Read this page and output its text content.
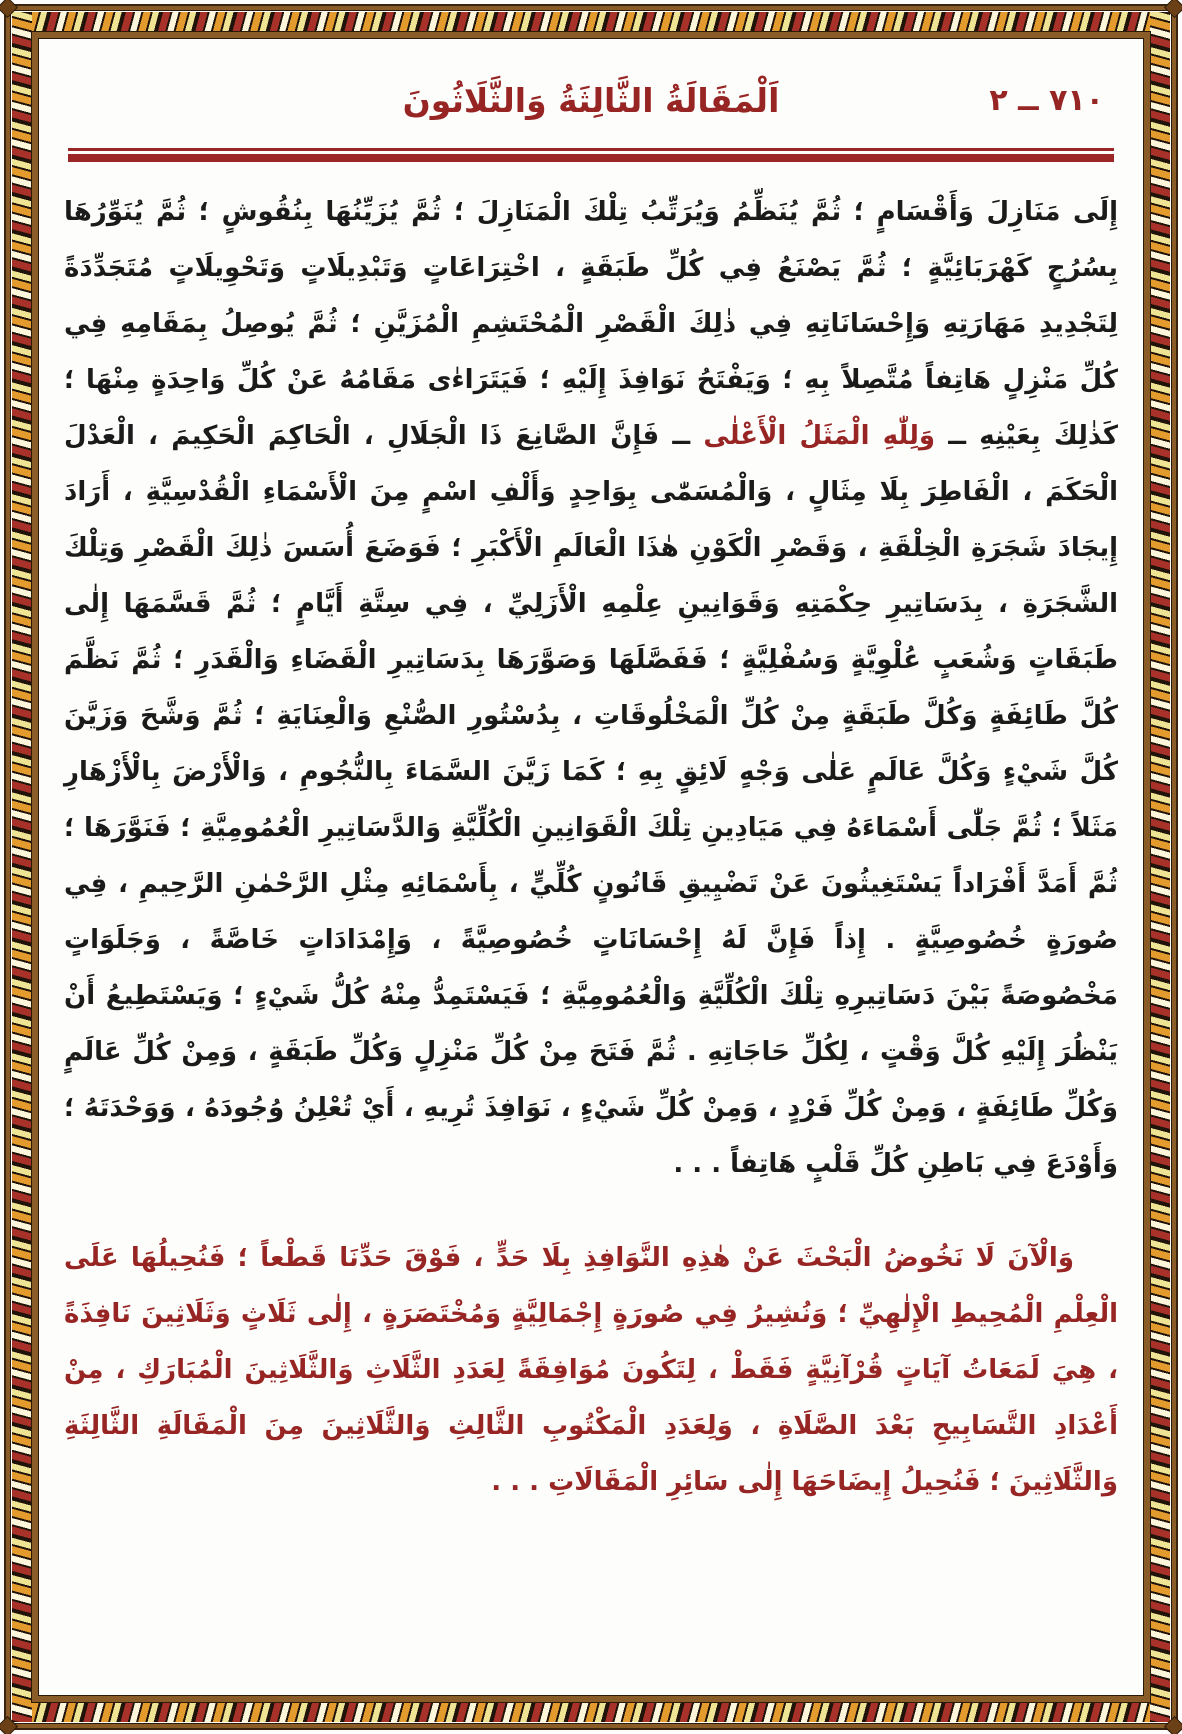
٧١٠ ــ ٢
اَلْمَقَالَةُ الثَّالِثَةُ وَالثَّلَاثُونَ

إِلَى مَنَازِلَ وَأَقْسَامٍ ؛ ثُمَّ يُنَظِّمُ وَيُرَتِّبُ تِلْكَ الْمَنَازِلَ ؛ ثُمَّ يُزَيِّنُهَا بِنُقُوشٍ ؛ ثُمَّ يُنَوِّرُهَا بِسُرُجٍ كَهْرَبَائِيَّةٍ ؛ ثُمَّ يَصْنَعُ فِي كُلِّ طَبَقَةٍ ، اخْتِرَاعَاتٍ وَتَبْدِيلَاتٍ وَتَحْوِيلَاتٍ مُتَجَدِّدَةً لِتَجْدِيدِ مَهَارَتِهِ وَإِحْسَانَاتِهِ فِي ذٰلِكَ الْقَصْرِ الْمُحْتَشِمِ الْمُزَيَّنِ ؛ ثُمَّ يُوصِلُ بِمَقَامِهِ فِي كُلِّ مَنْزِلٍ هَاتِفاً مُتَّصِلاً بِهِ ؛ وَيَفْتَحُ نَوَافِذَ إِلَيْهِ ؛ فَيَتَرَاءٰى مَقَامُهُ عَنْ كُلِّ وَاحِدَةٍ مِنْهَا ؛ كَذٰلِكَ بِعَيْنِهِ ــ وَلِلّٰهِ الْمَثَلُ الْأَعْلٰى ــ فَإِنَّ الصَّانِعَ ذَا الْجَلَالِ ، الْحَاكِمَ الْحَكِيمَ ، الْعَدْلَ الْحَكَمَ ، الْفَاطِرَ بِلَا مِثَالٍ ، وَالْمُسَمّٰى بِوَاحِدٍ وَأَلْفِ اسْمٍ مِنَ الْأَسْمَاءِ الْقُدْسِيَّةِ ، أَرَادَ إِيجَادَ شَجَرَةِ الْخِلْقَةِ ، وَقَصْرِ الْكَوْنِ هٰذَا الْعَالَمِ الْأَكْبَرِ ؛ فَوَضَعَ أُسَسَ ذٰلِكَ الْقَصْرِ وَتِلْكَ الشَّجَرَةِ ، بِدَسَاتِيرِ حِكْمَتِهِ وَقَوَانِينِ عِلْمِهِ الْأَزَلِيِّ ، فِي سِتَّةِ أَيَّامٍ ؛ ثُمَّ قَسَّمَهَا إِلٰى طَبَقَاتٍ وَشُعَبٍ عُلْوِيَّةٍ وَسُفْلِيَّةٍ ؛ فَفَصَّلَهَا وَصَوَّرَهَا بِدَسَاتِيرِ الْقَضَاءِ وَالْقَدَرِ ؛ ثُمَّ نَظَّمَ كُلَّ طَائِفَةٍ وَكُلَّ طَبَقَةٍ مِنْ كُلِّ الْمَخْلُوقَاتِ ، بِدُسْتُورِ الصُّنْعِ وَالْعِنَايَةِ ؛ ثُمَّ وَشَّحَ وَزَيَّنَ كُلَّ شَيْءٍ وَكُلَّ عَالَمٍ عَلٰى وَجْهٍ لَائِقٍ بِهِ ؛ كَمَا زَيَّنَ السَّمَاءَ بِالنُّجُومِ ، وَالْأَرْضَ بِالْأَزْهَارِ مَثَلاً ؛ ثُمَّ جَلّٰى أَسْمَاءَهُ فِي مَيَادِينِ تِلْكَ الْقَوَانِينِ الْكُلِّيَّةِ وَالدَّسَاتِيرِ الْعُمُومِيَّةِ ؛ فَنَوَّرَهَا ؛ ثُمَّ أَمَدَّ أَفْرَاداً يَسْتَغِيثُونَ عَنْ تَضْيِيقِ قَانُونٍ كُلِّيٍّ ، بِأَسْمَائِهِ مِثْلِ الرَّحْمٰنِ الرَّحِيمِ ، فِي صُورَةٍ خُصُوصِيَّةٍ . إِذاً فَإِنَّ لَهُ إِحْسَانَاتٍ خُصُوصِيَّةً ، وَإِمْدَادَاتٍ خَاصَّةً ، وَجَلَوَاتٍ مَخْصُوصَةً بَيْنَ دَسَاتِيرِهِ تِلْكَ الْكُلِّيَّةِ وَالْعُمُومِيَّةِ ؛ فَيَسْتَمِدُّ مِنْهُ كُلُّ شَيْءٍ ؛ وَيَسْتَطِيعُ أَنْ يَنْظُرَ إِلَيْهِ كُلَّ وَقْتٍ ، لِكُلِّ حَاجَاتِهِ . ثُمَّ فَتَحَ مِنْ كُلِّ مَنْزِلٍ وَكُلِّ طَبَقَةٍ ، وَمِنْ كُلِّ عَالَمٍ وَكُلِّ طَائِفَةٍ ، وَمِنْ كُلِّ فَرْدٍ ، وَمِنْ كُلِّ شَيْءٍ ، نَوَافِذَ تُرِيهِ ، أَيْ تُعْلِنُ وُجُودَهُ ، وَوَحْدَتَهُ ؛ وَأَوْدَعَ فِي بَاطِنِ كُلِّ قَلْبٍ هَاتِفاً . . .

وَالْآنَ لَا نَخُوضُ الْبَحْثَ عَنْ هٰذِهِ النَّوَافِذِ بِلَا حَدٍّ ، فَوْقَ حَدِّنَا قَطْعاً ؛ فَنُحِيلُهَا عَلَى الْعِلْمِ الْمُحِيطِ الْإِلٰهِيِّ ؛ وَنُشِيرُ فِي صُورَةٍ إِجْمَالِيَّةٍ وَمُخْتَصَرَةٍ ، إِلٰى ثَلَاثٍ وَثَلَاثِينَ نَافِذَةً ، هِيَ لَمَعَاتُ آيَاتٍ قُرْآنِيَّةٍ فَقَطْ ، لِتَكُونَ مُوَافِقَةً لِعَدَدِ الثَّلَاثِ وَالثَّلَاثِينَ الْمُبَارَكِ ، مِنْ أَعْدَادِ التَّسَابِيحِ بَعْدَ الصَّلَاةِ ، وَلِعَدَدِ الْمَكْتُوبِ الثَّالِثِ وَالثَّلَاثِينَ مِنَ الْمَقَالَةِ الثَّالِثَةِ وَالثَّلَاثِينَ ؛ فَنُحِيلُ إِيضَاحَهَا إِلٰى سَائِرِ الْمَقَالَاتِ . . .
